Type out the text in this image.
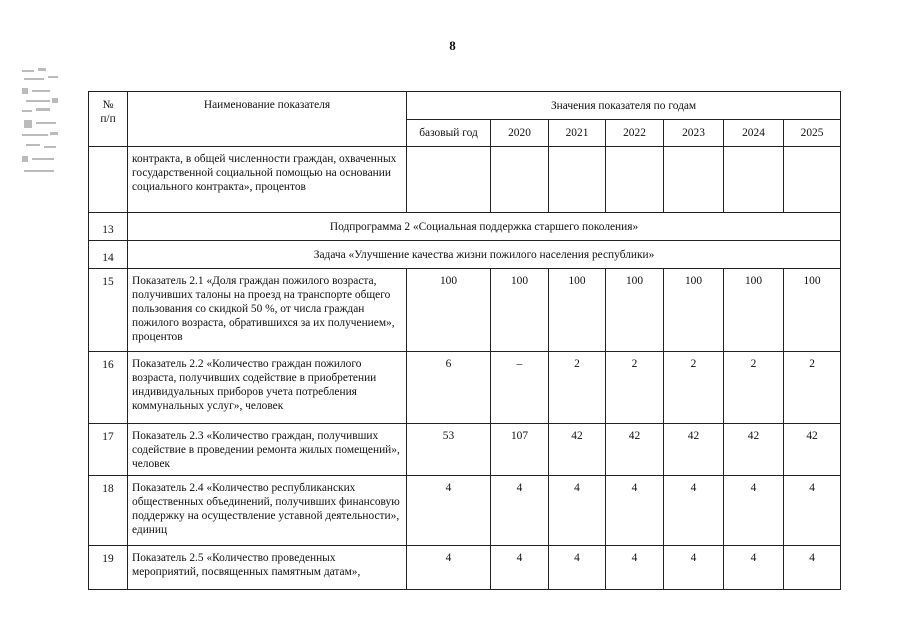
8
№
п/п	Наименование показателя	Значения показателя по годам						
		базовый год	2020	2021	2022	2023	2024	2025
	контракта, в общей численности граждан, охваченных государственной социальной помощью на основании социального контракта», процентов							
13	Подпрограмма 2 «Социальная поддержка старшего поколения»							
14	Задача «Улучшение качества жизни пожилого населения республики»							
15	Показатель 2.1 «Доля граждан пожилого возраста, получивших талоны на проезд на транспорте общего пользования со скидкой 50 %, от числа граждан пожилого возраста, обратившихся за их получением», процентов	100	100	100	100	100	100	100
16	Показатель 2.2 «Количество граждан пожилого возраста, получивших содействие в приобретении индивидуальных приборов учета потребления коммунальных услуг», человек	6	–	2	2	2	2	2
17	Показатель 2.3 «Количество граждан, получивших содействие в проведении ремонта жилых помещений», человек	53	107	42	42	42	42	42
18	Показатель 2.4 «Количество республиканских общественных объединений, получивших финансовую поддержку на осуществление уставной деятельности», единиц	4	4	4	4	4	4	4
19	Показатель 2.5 «Количество проведенных мероприятий, посвященных памятным датам»,	4	4	4	4	4	4	4
